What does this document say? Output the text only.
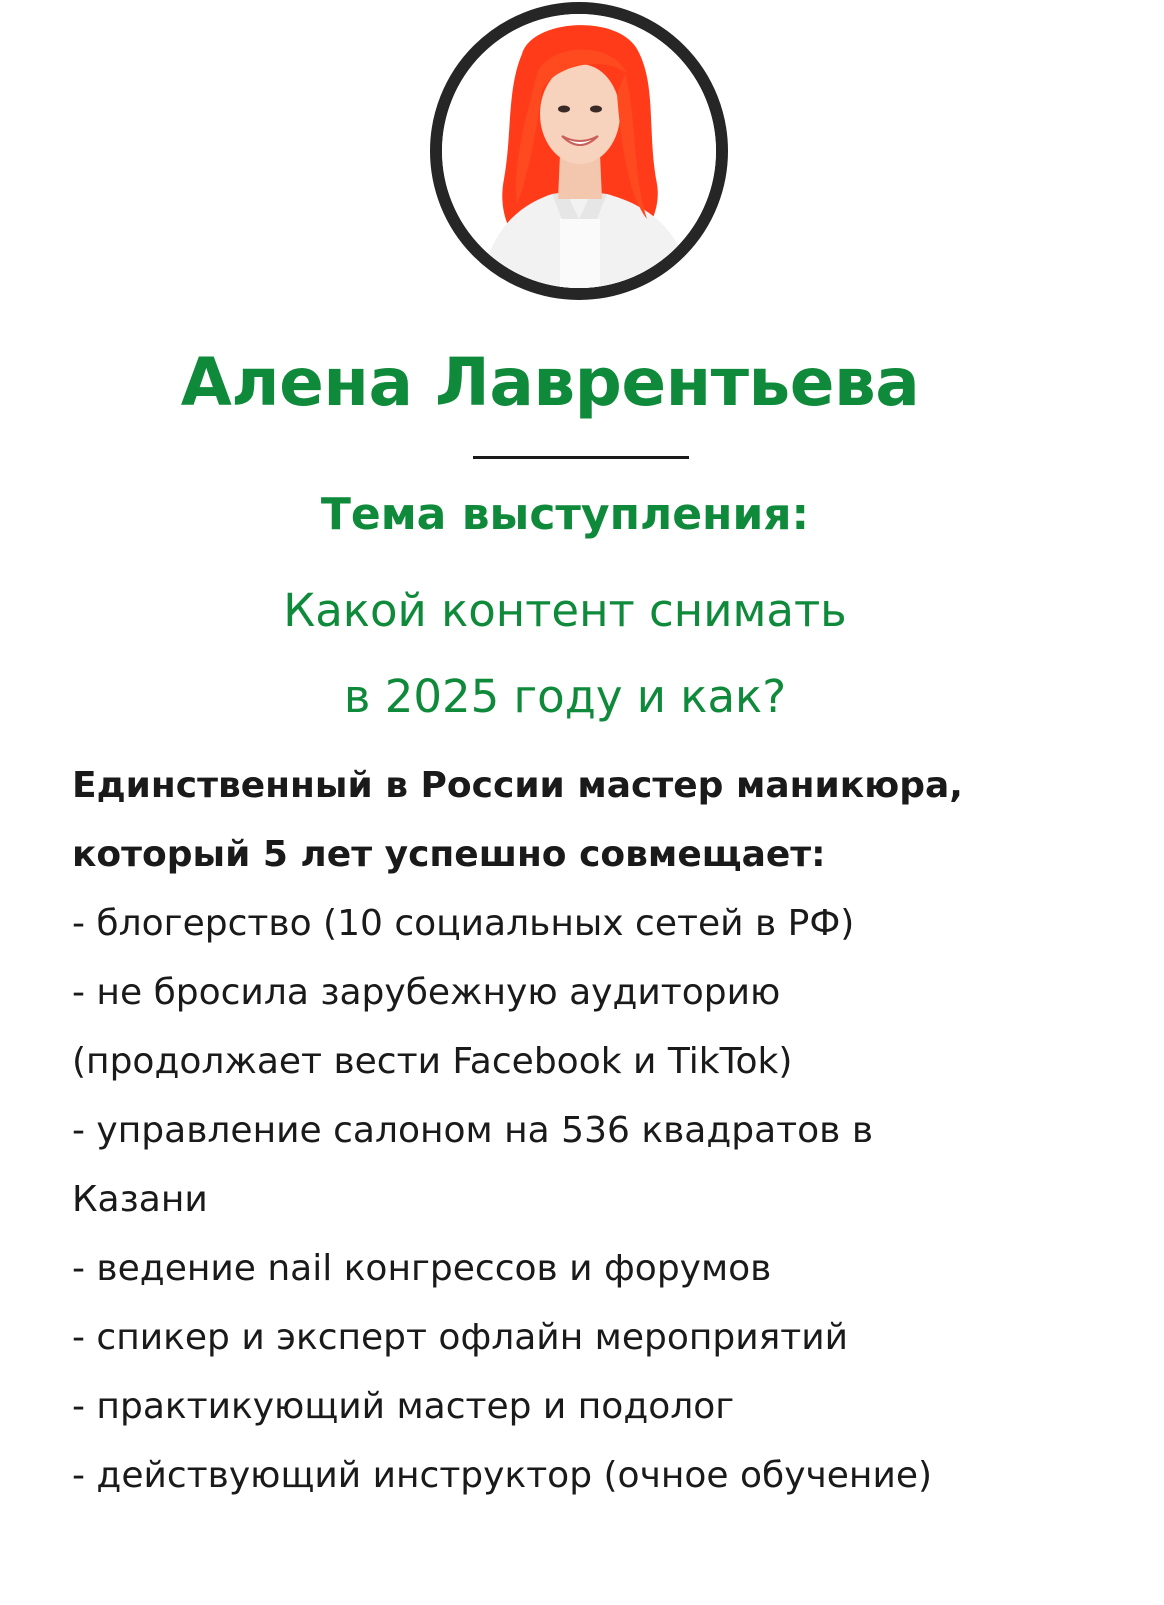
Алена Лаврентьева
Тема выступления:
Какой контент снимать
в 2025 году и как?
Единственный в России мастер маникюра,
который 5 лет успешно совмещает:
- блогерство (10 социальных сетей в РФ)
- не бросила зарубежную аудиторию
(продолжает вести Facebook и TikTok)
- управление салоном на 536 квадратов в
Казани
- ведение nail конгрессов и форумов
- спикер и эксперт офлайн мероприятий
- практикующий мастер и подолог
- действующий инструктор (очное обучение)
